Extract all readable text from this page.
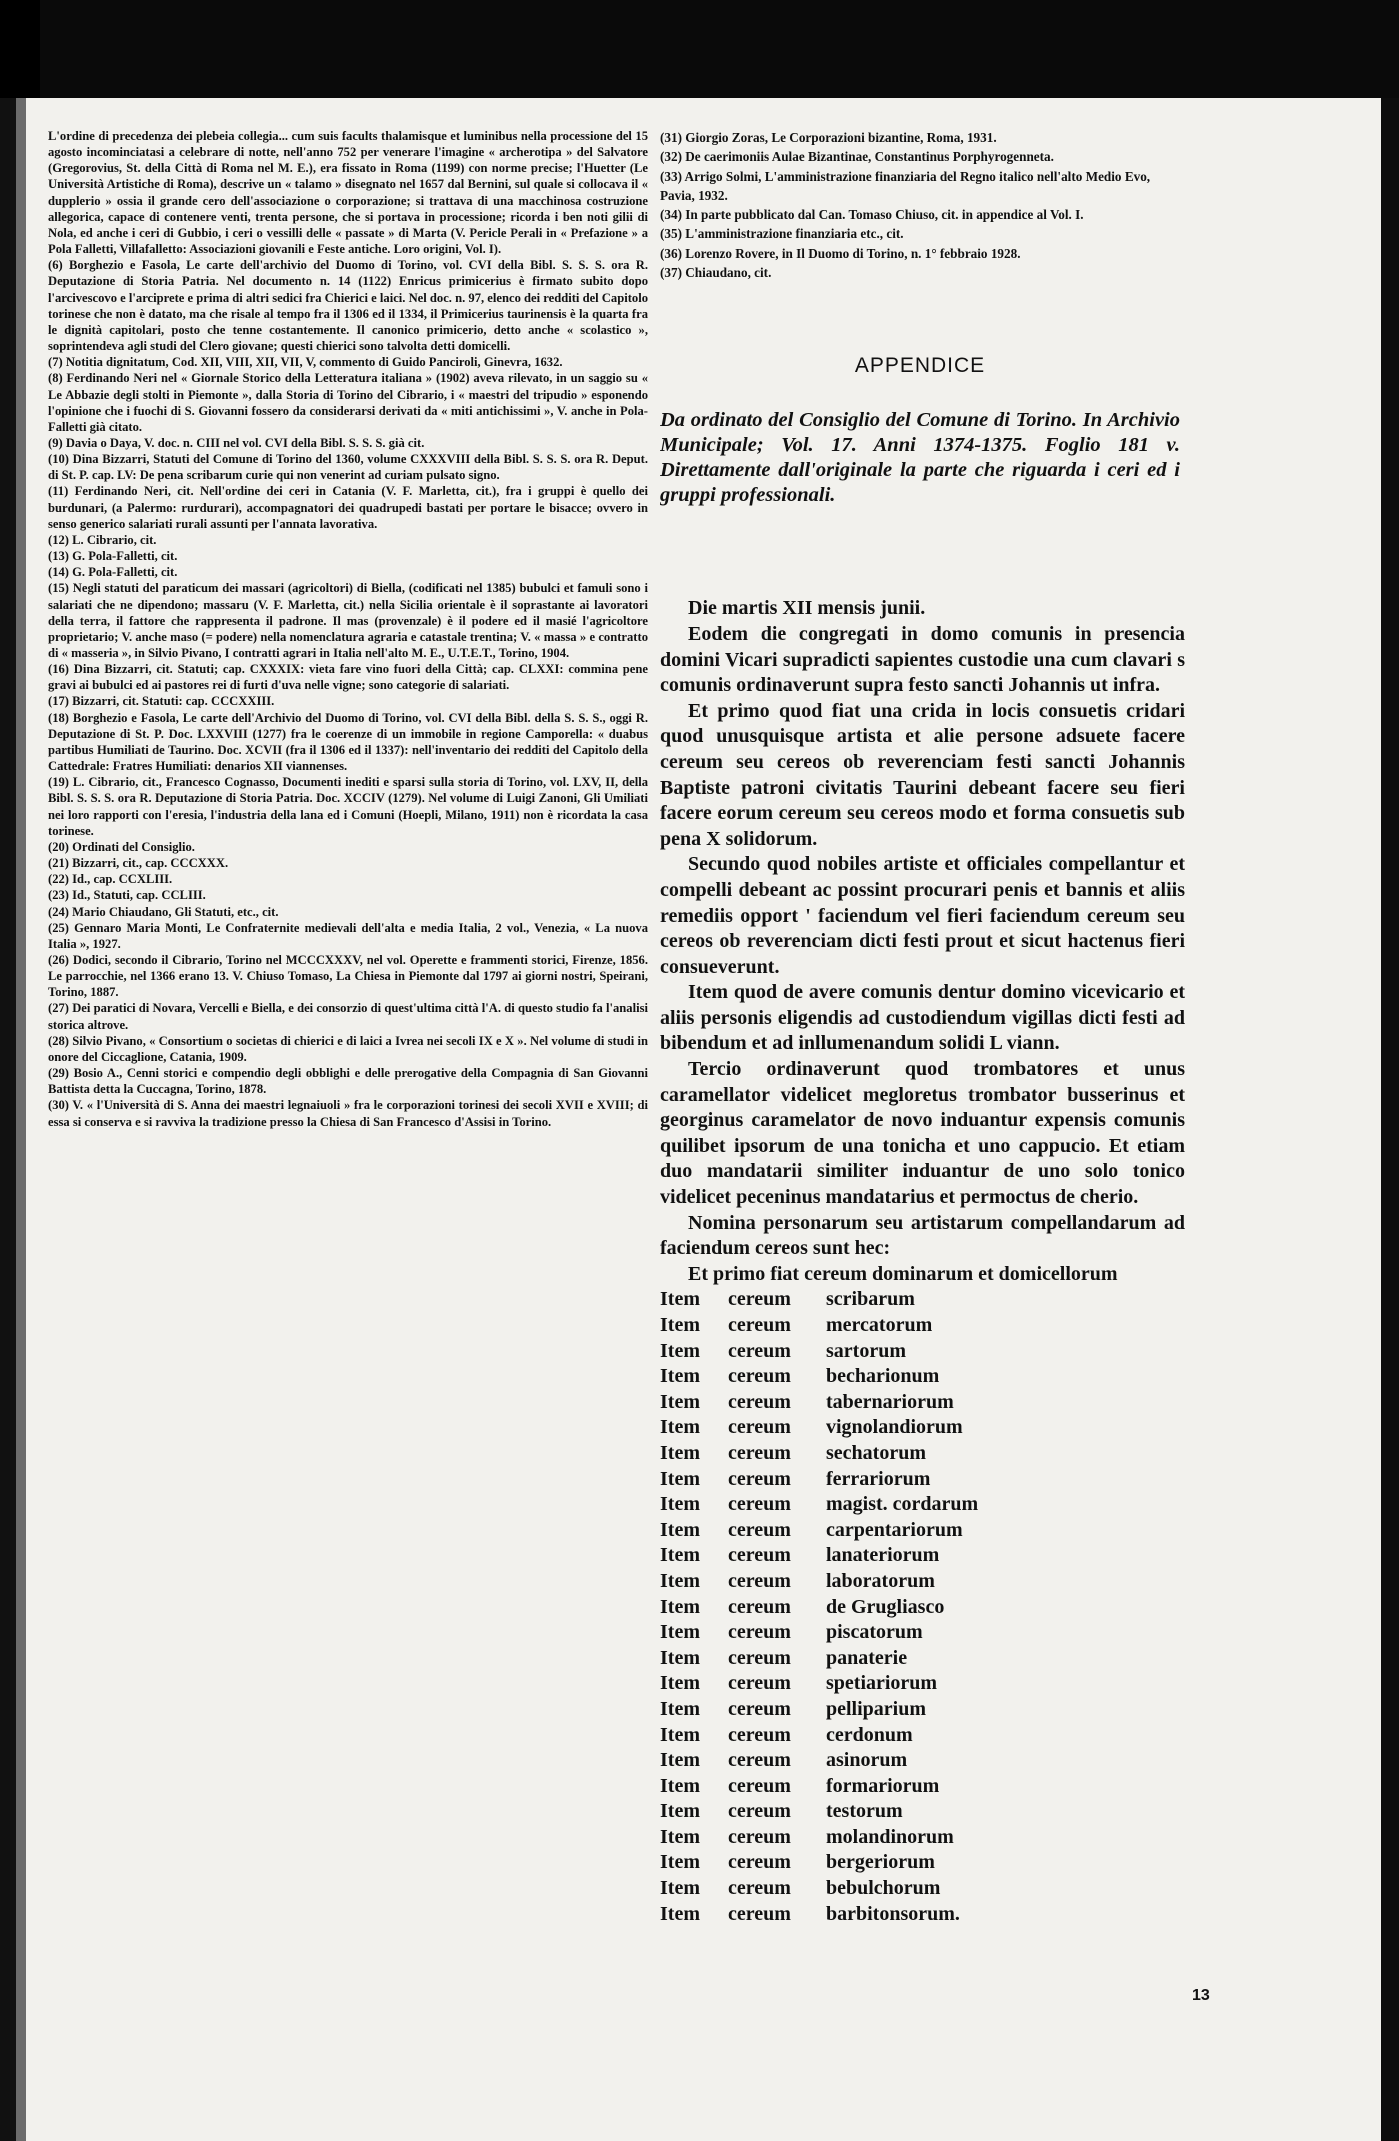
L'ordine di precedenza dei plebeia collegia... cum suis facults thalamisque et luminibus nella processione del 15 agosto incominciatasi a celebrare di notte, nell'anno 752 per venerare l'imagine « archerotipa » del Salvatore (Gregorovius, St. della Città di Roma nel M. E.), era fissato in Roma (1199) con norme precise; l'Huetter (Le Università Artistiche di Roma), descrive un « talamo » disegnato nel 1657 dal Bernini, sul quale si collocava il « dupplerio » ossia il grande cero dell'associazione o corporazione; si trattava di una macchinosa costruzione allegorica, capace di contenere venti, trenta persone, che si portava in processione; ricorda i ben noti gilii di Nola, ed anche i ceri di Gubbio, i ceri o vessilli delle « passate » di Marta (V. Pericle Perali in « Prefazione » a Pola Falletti, Villafalletto: Associazioni giovanili e Feste antiche. Loro origini, Vol. I).

(6) Borghezio e Fasola, Le carte dell'archivio del Duomo di Torino, vol. CVI della Bibl. S. S. S. ora R. Deputazione di Storia Patria. Nel documento n. 14 (1122) Enricus primicerius è firmato subito dopo l'arcivescovo e l'arciprete e prima di altri sedici fra Chierici e laici. Nel doc. n. 97, elenco dei redditi del Capitolo torinese che non è datato, ma che risale al tempo fra il 1306 ed il 1334, il Primicerius taurinensis è la quarta fra le dignità capitolari, posto che tenne costantemente. Il canonico primicerio, detto anche « scolastico », soprintendeva agli studi del Clero giovane; questi chierici sono talvolta detti domicelli.

(7) Notitia dignitatum, Cod. XII, VIII, XII, VII, V, commento di Guido Panciroli, Ginevra, 1632.

(8) Ferdinando Neri nel « Giornale Storico della Letteratura italiana » (1902) aveva rilevato, in un saggio su « Le Abbazie degli stolti in Piemonte », dalla Storia di Torino del Cibrario, i « maestri del tripudio » esponendo l'opinione che i fuochi di S. Giovanni fossero da considerarsi derivati da « miti antichissimi », V. anche in Pola-Falletti già citato.

(9) Davia o Daya, V. doc. n. CIII nel vol. CVI della Bibl. S. S. S. già cit.

(10) Dina Bizzarri, Statuti del Comune di Torino del 1360, volume CXXXVIII della Bibl. S. S. S. ora R. Deput. di St. P. cap. LV: De pena scribarum curie qui non venerint ad curiam pulsato signo.

(11) Ferdinando Neri, cit. Nell'ordine dei ceri in Catania (V. F. Marletta, cit.), fra i gruppi è quello dei burdunari, (a Palermo: rurdurari), accompagnatori dei quadrupedi bastati per portare le bisacce; ovvero in senso generico salariati rurali assunti per l'annata lavorativa.

(12) L. Cibrario, cit.

(13) G. Pola-Falletti, cit.

(14) G. Pola-Falletti, cit.

(15) Negli statuti del paraticum dei massari (agricoltori) di Biella, (codificati nel 1385) bubulci et famuli sono i salariati che ne dipendono; massaru (V. F. Marletta, cit.) nella Sicilia orientale è il soprastante ai lavoratori della terra, il fattore che rappresenta il padrone. Il mas (provenzale) è il podere ed il masié l'agricoltore proprietario; V. anche maso (= podere) nella nomenclatura agraria e catastale trentina; V. « massa » e contratto di « masseria », in Silvio Pivano, I contratti agrari in Italia nell'alto M. E., U.T.E.T., Torino, 1904.

(16) Dina Bizzarri, cit. Statuti; cap. CXXXIX: vieta fare vino fuori della Città; cap. CLXXI: commina pene gravi ai bubulci ed ai pastores rei di furti d'uva nelle vigne; sono categorie di salariati.

(17) Bizzarri, cit. Statuti: cap. CCCXXIII.

(18) Borghezio e Fasola, Le carte dell'Archivio del Duomo di Torino, vol. CVI della Bibl. della S. S. S., oggi R. Deputazione di St. P. Doc. LXXVIII (1277) fra le coerenze di un immobile in regione Camporella: « duabus partibus Humiliati de Taurino. Doc. XCVII (fra il 1306 ed il 1337): nell'inventario dei redditi del Capitolo della Cattedrale: Fratres Humiliati: denarios XII viannenses.

(19) L. Cibrario, cit., Francesco Cognasso, Documenti inediti e sparsi sulla storia di Torino, vol. LXV, II, della Bibl. S. S. S. ora R. Deputazione di Storia Patria. Doc. XCCIV (1279). Nel volume di Luigi Zanoni, Gli Umiliati nei loro rapporti con l'eresia, l'industria della lana ed i Comuni (Hoepli, Milano, 1911) non è ricordata la casa torinese.

(20) Ordinati del Consiglio.

(21) Bizzarri, cit., cap. CCCXXX.

(22) Id., cap. CCXLIII.

(23) Id., Statuti, cap. CCLIII.

(24) Mario Chiaudano, Gli Statuti, etc., cit.

(25) Gennaro Maria Monti, Le Confraternite medievali dell'alta e media Italia, 2 vol., Venezia, « La nuova Italia », 1927.

(26) Dodici, secondo il Cibrario, Torino nel MCCCXXXV, nel vol. Operette e frammenti storici, Firenze, 1856. Le parrocchie, nel 1366 erano 13. V. Chiuso Tomaso, La Chiesa in Piemonte dal 1797 ai giorni nostri, Speirani, Torino, 1887.

(27) Dei paratici di Novara, Vercelli e Biella, e dei consorzio di quest'ultima città l'A. di questo studio fa l'analisi storica altrove.

(28) Silvio Pivano, « Consortium o societas di chierici e di laici a Ivrea nei secoli IX e X ». Nel volume di studi in onore del Ciccaglione, Catania, 1909.

(29) Bosio A., Cenni storici e compendio degli obblighi e delle prerogative della Compagnia di San Giovanni Battista detta la Cuccagna, Torino, 1878.

(30) V. « l'Università di S. Anna dei maestri legnaiuoli » fra le corporazioni torinesi dei secoli XVII e XVIII; di essa si conserva e si ravviva la tradizione presso la Chiesa di San Francesco d'Assisi in Torino.

(31) Giorgio Zoras, Le Corporazioni bizantine, Roma, 1931.

(32) De caerimoniis Aulae Bizantinae, Constantinus Porphyrogenneta.

(33) Arrigo Solmi, L'amministrazione finanziaria del Regno italico nell'alto Medio Evo, Pavia, 1932.

(34) In parte pubblicato dal Can. Tomaso Chiuso, cit. in appendice al Vol. I.

(35) L'amministrazione finanziaria etc., cit.

(36) Lorenzo Rovere, in Il Duomo di Torino, n. 1° febbraio 1928.

(37) Chiaudano, cit.

APPENDICE
Da ordinato del Consiglio del Comune di Torino. In Archivio Municipale; Vol. 17. Anni 1374-1375. Foglio 181 v. Direttamente dall'originale la parte che riguarda i ceri ed i gruppi professionali.

Die martis XII mensis junii.

Eodem die congregati in domo comunis in presencia domini Vicari supradicti sapientes custodie una cum clavari s comunis ordinaverunt supra festo sancti Johannis ut infra.

Et primo quod fiat una crida in locis consuetis cridari quod unusquisque artista et alie persone adsuete facere cereum seu cereos ob reverenciam festi sancti Johannis Baptiste patroni civitatis Taurini debeant facere seu fieri facere eorum cereum seu cereos modo et forma consuetis sub pena X solidorum.

Secundo quod nobiles artiste et officiales compellantur et compelli debeant ac possint procurari penis et bannis et aliis remediis opport ' faciendum vel fieri faciendum cereum seu cereos ob reverenciam dicti festi prout et sicut hactenus fieri consueverunt.

Item quod de avere comunis dentur domino vicevicario et aliis personis eligendis ad custodiendum vigillas dicti festi ad bibendum et ad inllumenandum solidi L viann.

Tercio ordinaverunt quod trombatores et unus caramellator videlicet megloretus trombator busserinus et georginus caramelator de novo induantur expensis comunis quilibet ipsorum de una tonicha et uno cappucio. Et etiam duo mandatarii similiter induantur de uno solo tonico videlicet peceninus mandatarius et permoctus de cherio.

Nomina personarum seu artistarum compellandarum ad faciendum cereos sunt hec:

Et primo fiat cereum dominarum et domicellorum

Item	cereum	scribarum
Item	cereum	mercatorum
Item	cereum	sartorum
Item	cereum	becharionum
Item	cereum	tabernariorum
Item	cereum	vignolandiorum
Item	cereum	sechatorum
Item	cereum	ferrariorum
Item	cereum	magist. cordarum
Item	cereum	carpentariorum
Item	cereum	lanateriorum
Item	cereum	laboratorum
Item	cereum	de Grugliasco
Item	cereum	piscatorum
Item	cereum	panaterie
Item	cereum	spetiariorum
Item	cereum	pelliparium
Item	cereum	cerdonum
Item	cereum	asinorum
Item	cereum	formariorum
Item	cereum	testorum
Item	cereum	molandinorum
Item	cereum	bergeriorum
Item	cereum	bebulchorum
Item	cereum	barbitonsorum.
13
